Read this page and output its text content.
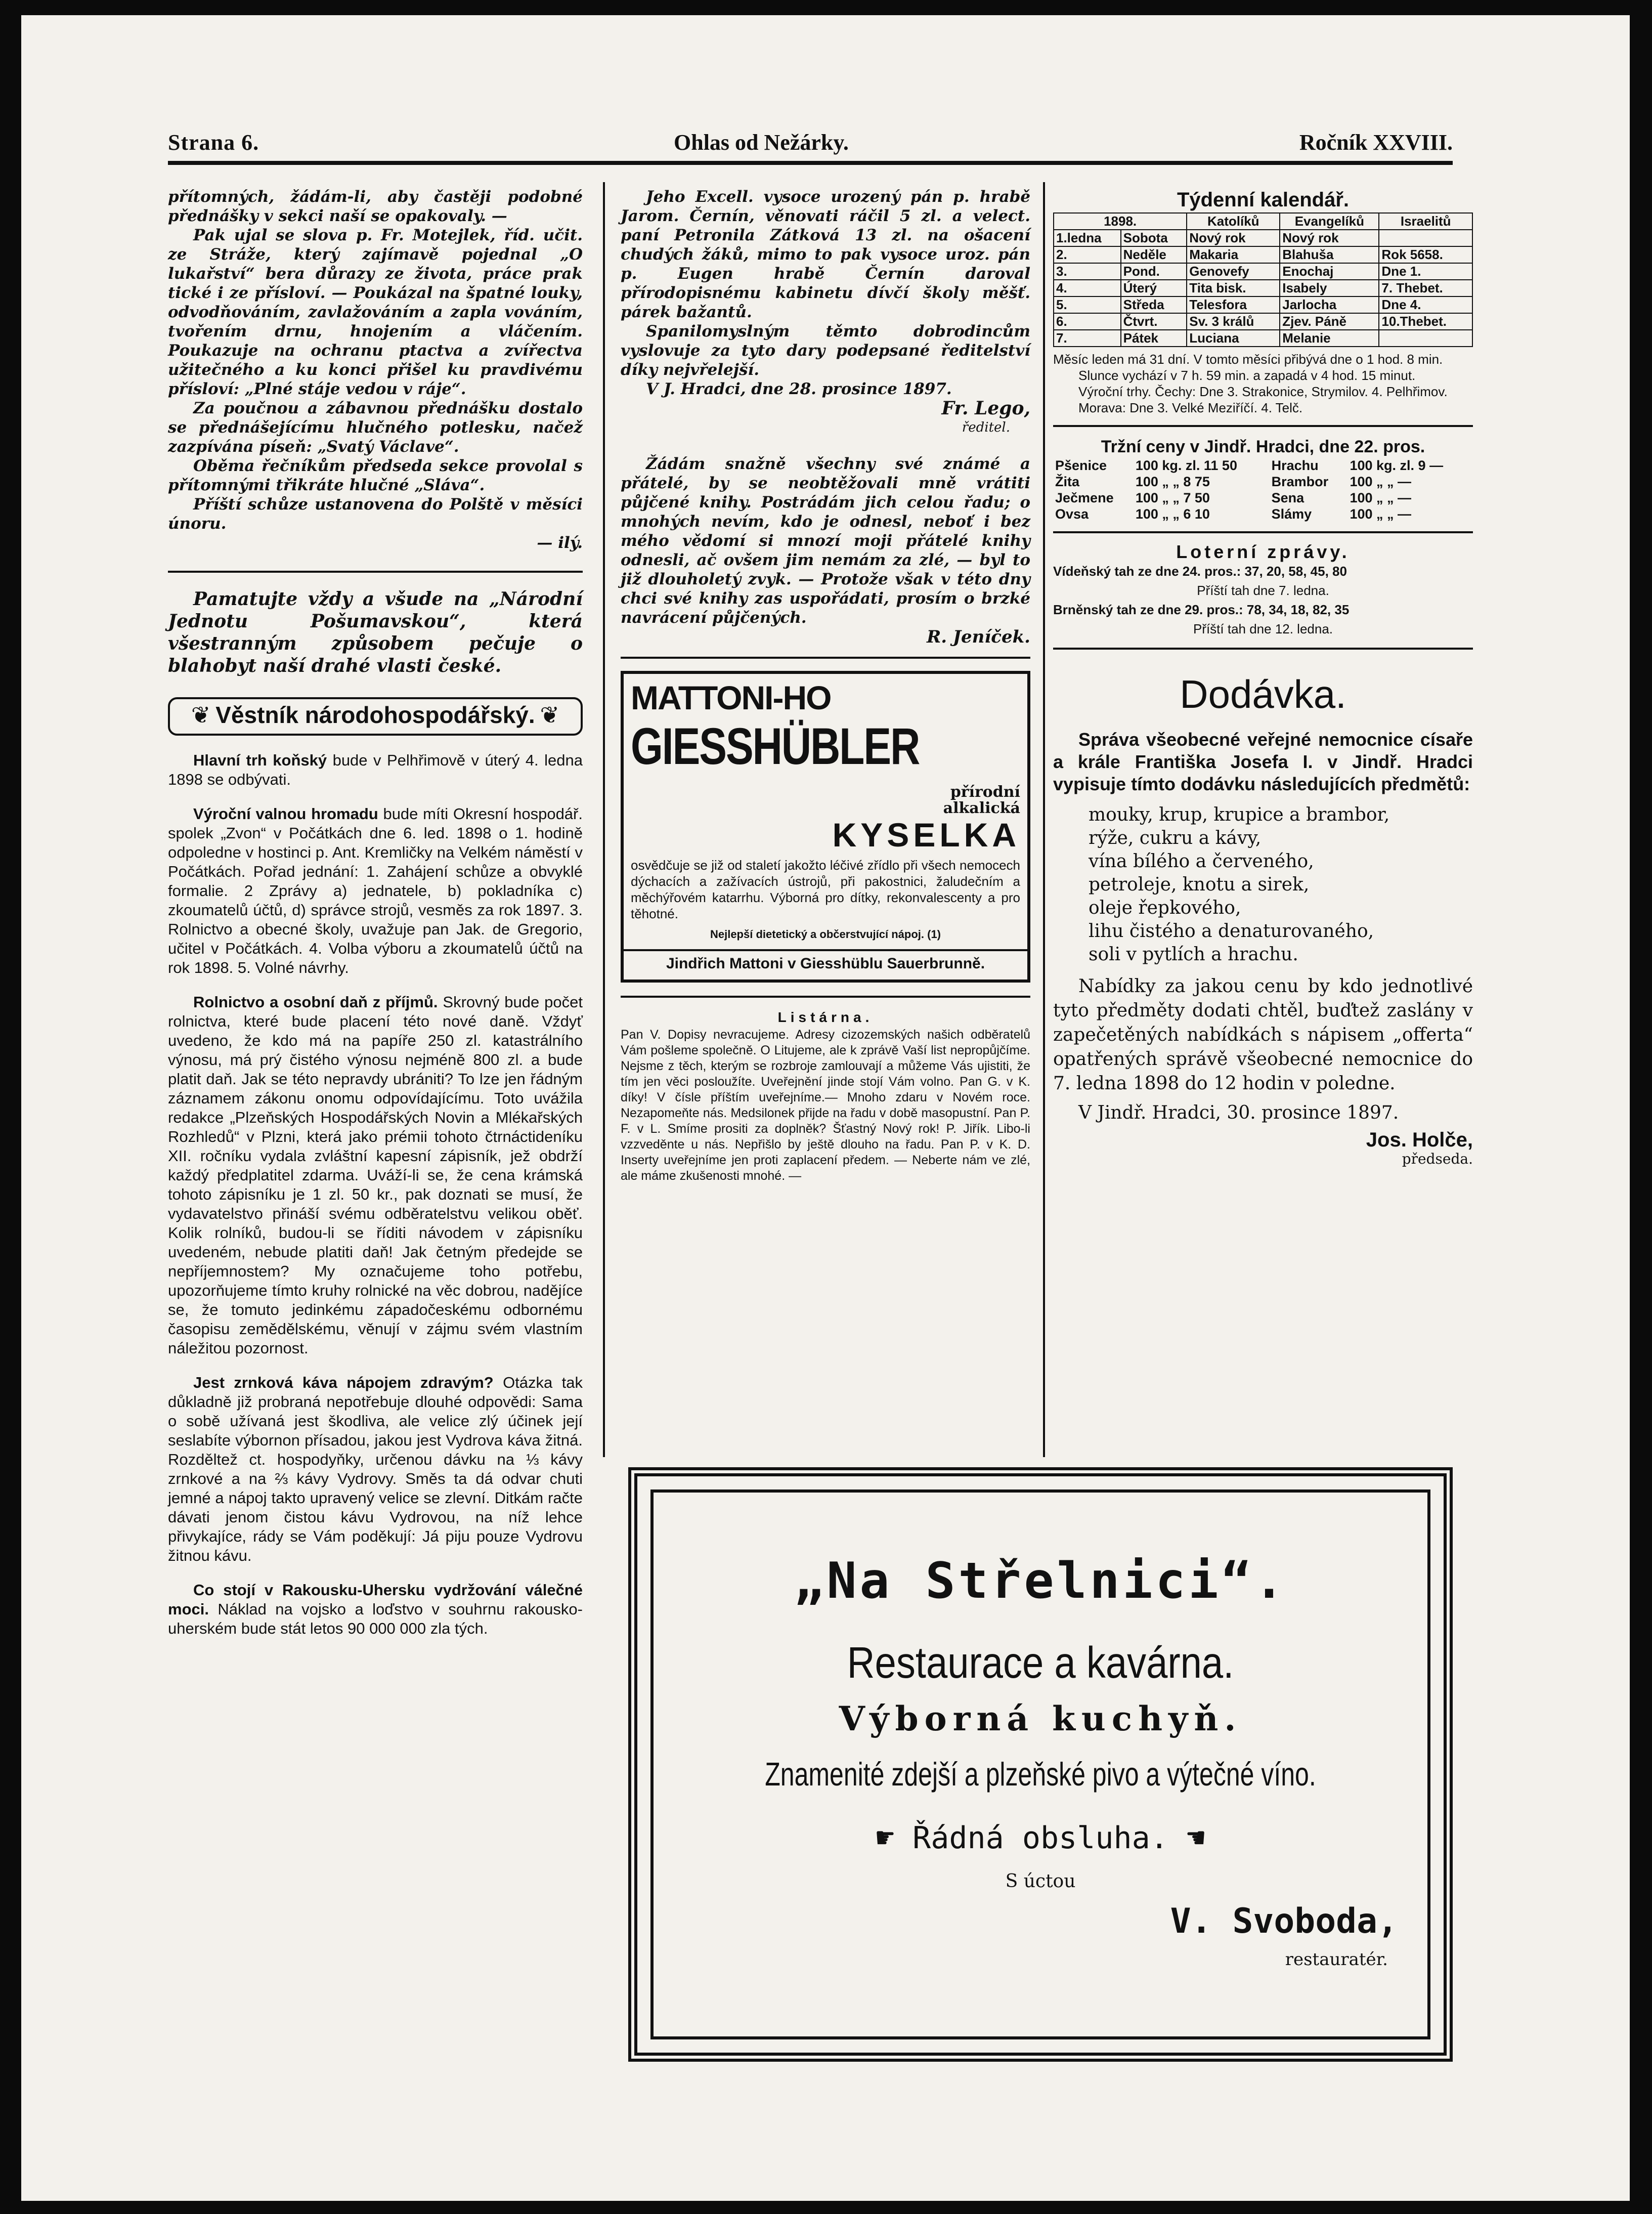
Strana 6.	Ohlas od Nežárky.	Ročník XXVIII.

přítomných, žádám-li, aby častěji podobné přednášky v sekci naší se opakovaly. —

Pak ujal se slova p. Fr. Motejlek, říd. učit. ze Stráže, který zajímavě pojednal „O lukařství“ bera důrazy ze života, práce prak tické i ze přísloví. — Poukázal na špatné louky, odvodňováním, zavlažováním a zapla vováním, tvořením drnu, hnojením a vláčením. Poukazuje na ochranu ptactva a zvířectva užitečného a ku konci přišel ku pravdivému přísloví: „Plné stáje vedou v ráje“.

Za poučnou a zábavnou přednášku dostalo se přednášejícímu hlučného potlesku, načež zazpívána píseň: „Svatý Václave“.

Oběma řečníkům předseda sekce provolal s přítomnými třikráte hlučné „Sláva“.

Příští schůze ustanovena do Polště v měsíci únoru.

— ilý.

Pamatujte vždy a všude na „Národní Jednotu Pošumavskou“, která všestranným způsobem pečuje o blahobyt naší drahé vlasti české.

❦ Věstník národohospodářský. ❦

Hlavní trh koňský bude v Pelhřimově v úterý 4. ledna 1898 se odbývati.

Výroční valnou hromadu bude míti Okresní hospodář. spolek „Zvon“ v Počátkách dne 6. led. 1898 o 1. hodině odpoledne v hostinci p. Ant. Kremličky na Velkém náměstí v Počátkách. Pořad jednání: 1. Zahájení schůze a obvyklé formalie. 2 Zprávy a) jednatele, b) pokladníka c) zkoumatelů účtů, d) správce strojů, vesměs za rok 1897. 3. Rolnictvo a obecné školy, uvažuje pan Jak. de Gregorio, učitel v Počátkách. 4. Volba výboru a zkoumatelů účtů na rok 1898. 5. Volné návrhy.

Rolnictvo a osobní daň z příjmů. Skrovný bude počet rolnictva, které bude placení této nové daně. Vždyť uvedeno, že kdo má na papíře 250 zl. katastrálního výnosu, má prý čistého výnosu nejméně 800 zl. a bude platit daň. Jak se této nepravdy ubrániti? To lze jen řádným záznamem zákonu onomu odpovídajícímu. Toto uvážila redakce „Plzeňských Hospodářských Novin a Mlékařských Rozhledů“ v Plzni, která jako prémii tohoto čtrnáctideníku XII. ročníku vydala zvláštní kapesní zápisník, jež obdrží každý předplatitel zdarma. Uváží-li se, že cena krámská tohoto zápisníku je 1 zl. 50 kr., pak doznati se musí, že vydavatelstvo přináší svému odběratelstvu velikou oběť. Kolik rolníků, budou-li se říditi návodem v zápisníku uvedeném, nebude platiti daň! Jak četným předejde se nepříjemnostem? My označujeme toho potřebu, upozorňujeme tímto kruhy rolnické na věc dobrou, nadějíce se, že tomuto jedinkému západočeskému odbornému časopisu zemědělskému, věnují v zájmu svém vlastním náležitou pozornost.

Jest zrnková káva nápojem zdravým? Otázka tak důkladně již probraná nepotřebuje dlouhé odpovědi: Sama o sobě užívaná jest škodliva, ale velice zlý účinek její seslabíte výborn​on přísadou, jakou jest Vydrova káva žitná. Rozděltež ct. hospodyňky, určenou dávku na ⅓ kávy zrnkové a na ⅔ kávy Vydrovy. Směs ta dá odvar chuti jemné a nápoj takto upravený velice se zlevní. Ditkám račte dávati jenom čistou kávu Vydrovou, na níž lehce přivykajíce, rády se Vám poděkují: Já piju pouze Vydrovu žitnou kávu.

Co stojí v Rakousku-Uhersku vydržování válečné moci. Náklad na vojsko a loďstvo v souhrnu rakousko-uherském bude stát letos 90 000 000 zla tých.

Jeho Excell. vysoce urozený pán p. hrabě Jarom. Černín, věnovati ráčil 5 zl. a velect. paní Petronila Zátková 13 zl. na ošacení chudých žáků, mimo to pak vysoce uroz. pán p. Eugen hrabě Černín daroval přírodopisnému kabinetu dívčí školy měšť. párek bažantů.

Spanilomyslným těmto dobrodincům vyslovuje za tyto dary podepsané ředitelství díky nejvřelejší.

V J. Hradci, dne 28. prosince 1897.

Fr. Lego,

ředitel.

Žádám snažně všechny své známé a přátelé, by se neobtěžovali mně vrátiti půjčené knihy. Postrádám jich celou řadu; o mnohých nevím, kdo je odnesl, neboť i bez mého vědomí si mnozí moji přátelé knihy odnesli, ač ovšem jim nemám za zlé, — byl to již dlouholetý zvyk. — Protože však v této dny chci své knihy zas uspořádati, prosím o brzké navrácení půjčených.

R. Jeníček.

MATTONI-HO
GIESSHÜBLER
přírodní
alkalická
KYSELKA

osvědčuje se již od staletí jakožto léčivé zřídlo při všech nemocech dýchacích a zažívacích ústrojů, při pakostnici, žaludečním a měchýřovém katarrhu. Výborná pro dítky, rekonvalescenty a pro těhotné.

Nejlepší dietetický a občerstvující nápoj. (1)

Jindřich Mattoni v Giesshüblu Sauerbrunně.

Listárna.

Pan V. Dopisy nevracujeme. Adresy cizozemských našich odběratelů Vám pošleme společně. O Litujeme, ale k zprávě Vaší list nepropůjčíme. Nejsme z těch, kterým se rozbroje zamlouvají a můžeme Vás ujistiti, že tím jen věci posloužíte. Uveřejnění jinde stojí Vám volno. Pan G. v K. díky! V čísle příštím uveřejníme.— Mnoho zdaru v Novém roce. Nezapomeňte nás. Medsilonek přijde na řadu v době masopustní. Pan P. F. v L. Smíme prositi za doplněk? Šťastný Nový rok! P. Jiřík. Libo-li vzzveděnte u nás. Nepřišlo by ještě dlouho na řadu. Pan P. v K. D. Inserty uveřejníme jen proti zaplacení předem. — Neberte nám ve zlé, ale máme zkušenosti mnohé. —

Týdenní kalendář.

1898.		Katolíků	Evangelíků	Israelitů
1.ledna	Sobota	Nový rok	Nový rok	
2.	Neděle	Makaria	Blahuša	Rok 5658.
3.	Pond.	Genovefy	Enochaj	Dne 1.
4.	Úterý	Tita bisk.	Isabely	7. Thebet.
5.	Středa	Telesfora	Jarlocha	Dne 4.
6.	Čtvrt.	Sv. 3 králů	Zjev. Páně	10.Thebet.
7.	Pátek	Luciana	Melanie	

Měsíc leden má 31 dní. V tomto měsíci přibývá dne o 1 hod. 8 min.

Slunce vychází v 7 h. 59 min. a zapadá v 4 hod. 15 minut.

Výroční trhy. Čechy: Dne 3. Strakonice, Strymilov. 4. Pelhřimov.

Morava: Dne 3. Velké Meziříčí. 4. Telč.

Tržní ceny v Jindř. Hradci, dne 22. pros.

Pšenice	100 kg. zl. 11 50	Hrachu	100 kg. zl. 9 —
Žita	100 „ „ 8 75	Brambor	100 „ „ —
Ječmene	100 „ „ 7 50	Sena	100 „ „ —
Ovsa	100 „ „ 6 10	Slámy	100 „ „ —

Loterní zprávy.

Vídeňský tah ze dne 24. pros.: 37, 20, 58, 45, 80

Příští tah dne 7. ledna.

Brněnský tah ze dne 29. pros.: 78, 34, 18, 82, 35

Příští tah dne 12. ledna.

Dodávka.

Správa všeobecné veřejné nemocnice císaře a krále Františka Josefa I. v Jindř. Hradci vypisuje tímto dodávku následujících předmětů:

mouky, krup, krupice a brambor,
rýže, cukru a kávy,
vína bílého a červeného,
petroleje, knotu a sirek,
oleje řepkového,
lihu čistého a denaturovaného,
soli v pytlích a hrachu.

Nabídky za jakou cenu by kdo jednotlivé tyto předměty dodati chtěl, buďtež zaslány v zapečetěných nabídkách s nápisem „offerta“ opatřených správě všeobecné nemocnice do 7. ledna 1898 do 12 hodin v poledne.

V Jindř. Hradci, 30. prosince 1897.

Jos. Holče,

předseda.

„Na Střelnici“.
Restaurace a kavárna.
Výborná kuchyň.
Znamenité zdejší a plzeňské pivo a výtečné víno.
☛ Řádná obsluha. ☚
S úctou
V. Svoboda,
restauratér.
